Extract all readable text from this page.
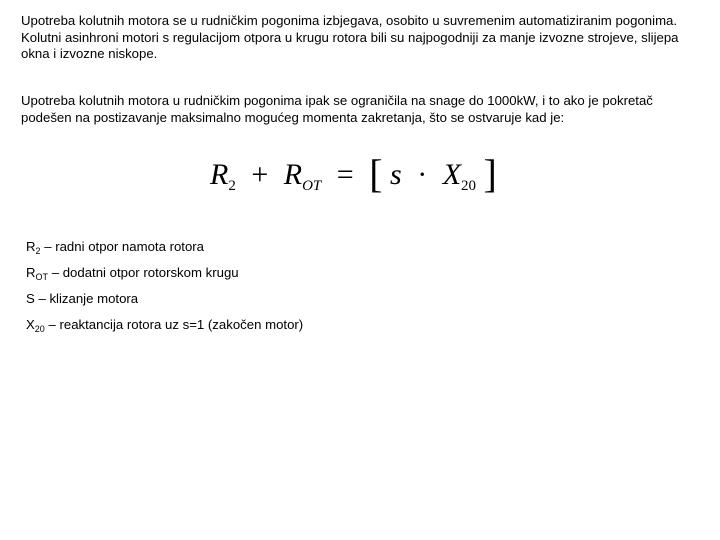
Upotreba kolutnih motora se u rudničkim pogonima izbjegava, osobito u suvremenim automatiziranim pogonima. Kolutni asinhroni motori s regulacijom otpora u krugu rotora bili su najpogodniji za manje izvozne strojeve, slijepa okna i izvozne niskope.

Upotreba kolutnih motora u rudničkim pogonima ipak se ograničila na snage do 1000kW, i to ako je pokretač podešen na postizavanje maksimalno mogućeg momenta zakretanja, što se ostvaruje kad je:

$R_2 + R_{OT}$ = [ $s \cdot X_{20}$ ]
$R_2$ – radni otpor namota rotora
$R_{OT}$ – dodatni otpor rotorskom krugu
S – klizanje motora
$X_{20}$ – reaktancija rotora uz s=1 (zakočen motor)
